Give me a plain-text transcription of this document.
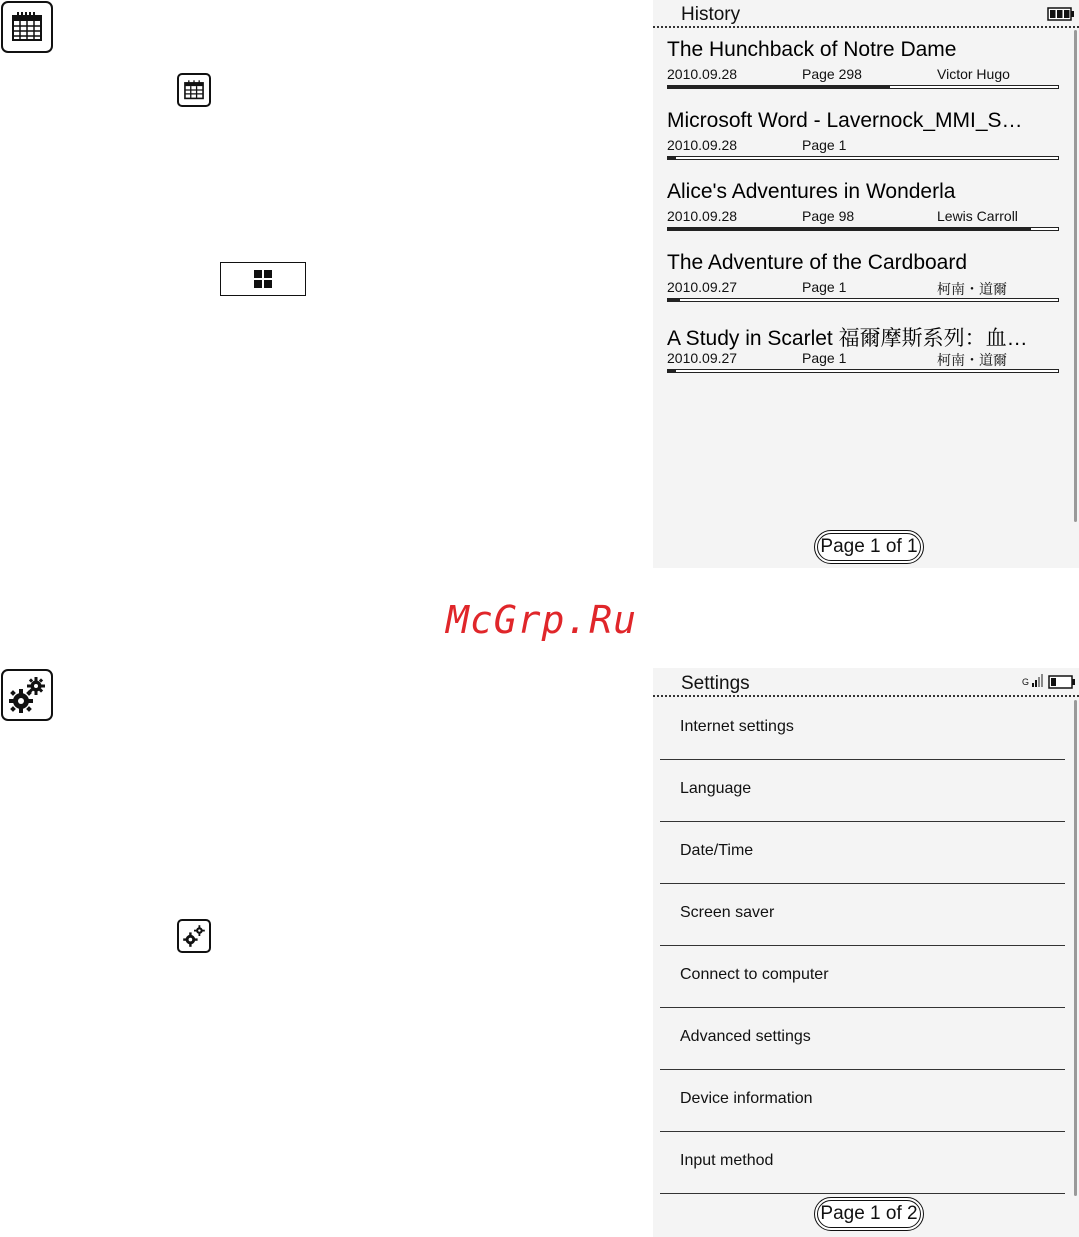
History
The Hunchback of Notre Dame
2010.09.28	Page 298	Victor Hugo
Microsoft Word - Lavernock_MMI_S…
2010.09.28	Page 1
Alice's Adventures in Wonderla
2010.09.28	Page 98	Lewis Carroll
The Adventure of the Cardboard
2010.09.27	Page 1	柯南・道爾
A Study in Scarlet 福爾摩斯系列：血…
2010.09.27	Page 1	柯南・道爾
Page 1 of 1
McGrp.Ru
Settings	G
Internet settings
Language
Date/Time
Screen saver
Connect to computer
Advanced settings
Device information
Input method
Page 1 of 2
